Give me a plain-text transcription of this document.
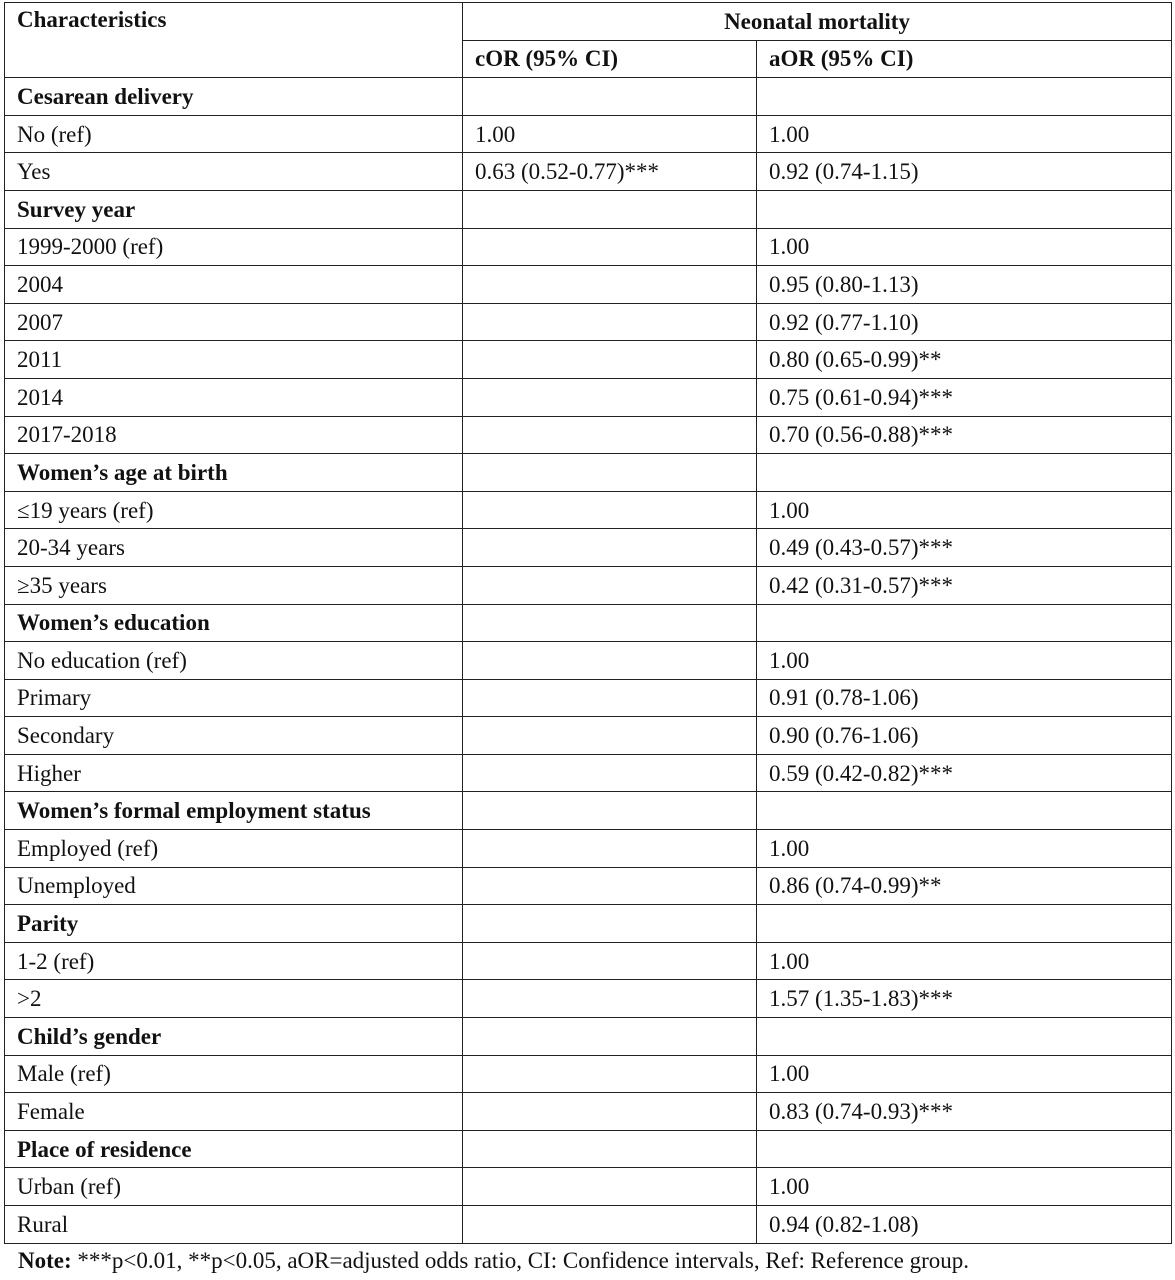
Characteristics	Neonatal mortality	
	cOR (95% CI)	aOR (95% CI)
Cesarean delivery		
No (ref)	1.00	1.00
Yes	0.63 (0.52-0.77)***	0.92 (0.74-1.15)
Survey year		
1999-2000 (ref)		1.00
2004		0.95 (0.80-1.13)
2007		0.92 (0.77-1.10)
2011		0.80 (0.65-0.99)**
2014		0.75 (0.61-0.94)***
2017-2018		0.70 (0.56-0.88)***
Women’s age at birth		
≤19 years (ref)		1.00
20-34 years		0.49 (0.43-0.57)***
≥35 years		0.42 (0.31-0.57)***
Women’s education		
No education (ref)		1.00
Primary		0.91 (0.78-1.06)
Secondary		0.90 (0.76-1.06)
Higher		0.59 (0.42-0.82)***
Women’s formal employment status		
Employed (ref)		1.00
Unemployed		0.86 (0.74-0.99)**
Parity		
1-2 (ref)		1.00
>2		1.57 (1.35-1.83)***
Child’s gender		
Male (ref)		1.00
Female		0.83 (0.74-0.93)***
Place of residence		
Urban (ref)		1.00
Rural		0.94 (0.82-1.08)
Note: ***p<0.01, **p<0.05, aOR=adjusted odds ratio, CI: Confidence intervals, Ref: Reference group.
